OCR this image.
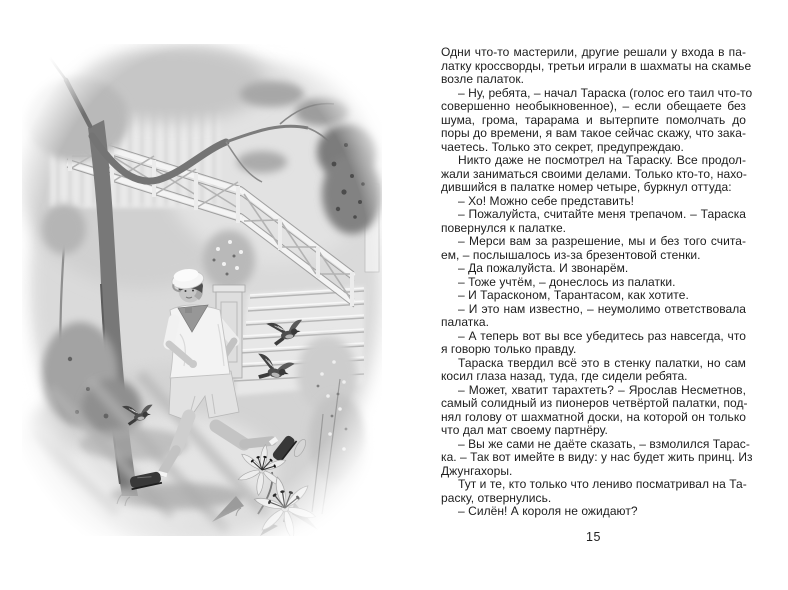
Одни что-то мастерили, другие решали у входа в па-
латку кроссворды, третьи играли в шахматы на скамье
возле палаток.
– Ну, ребята, – начал Тараска (голос его таил что-то
совершенно необыкновенное), – если обещаете без
шума, грома, тарарама и вытерпите помолчать до
поры до времени, я вам такое сейчас скажу, что зака-
чаетесь. Только это секрет, предупреждаю.
Никто даже не посмотрел на Тараску. Все продол-
жали заниматься своими делами. Только кто-то, нахо-
дившийся в палатке номер четыре, буркнул оттуда:
– Хо! Можно себе представить!
– Пожалуйста, считайте меня трепачом. – Тараска
повернулся к палатке.
– Мерси вам за разрешение, мы и без того счита-
ем, – послышалось из-за брезентовой стенки.
– Да пожалуйста. И звонарём.
– Тоже учтём, – донеслось из палатки.
– И Тарасконом, Тарантасом, как хотите.
– И это нам известно, – неумолимо ответствовала
палатка.
– А теперь вот вы все убедитесь раз навсегда, что
я говорю только правду.
Тараска твердил всё это в стенку палатки, но сам
косил глаза назад, туда, где сидели ребята.
– Может, хватит тарахтеть? – Ярослав Несметнов,
самый солидный из пионеров четвёртой палатки, под-
нял голову от шахматной доски, на которой он только
что дал мат своему партнёру.
– Вы же сами не даёте сказать, – взмолился Тарас-
ка. – Так вот имейте в виду: у нас будет жить принц. Из
Джунгахоры.
Тут и те, кто только что лениво посматривал на Та-
раску, отвернулись.
– Силён! А короля не ожидают?
15
